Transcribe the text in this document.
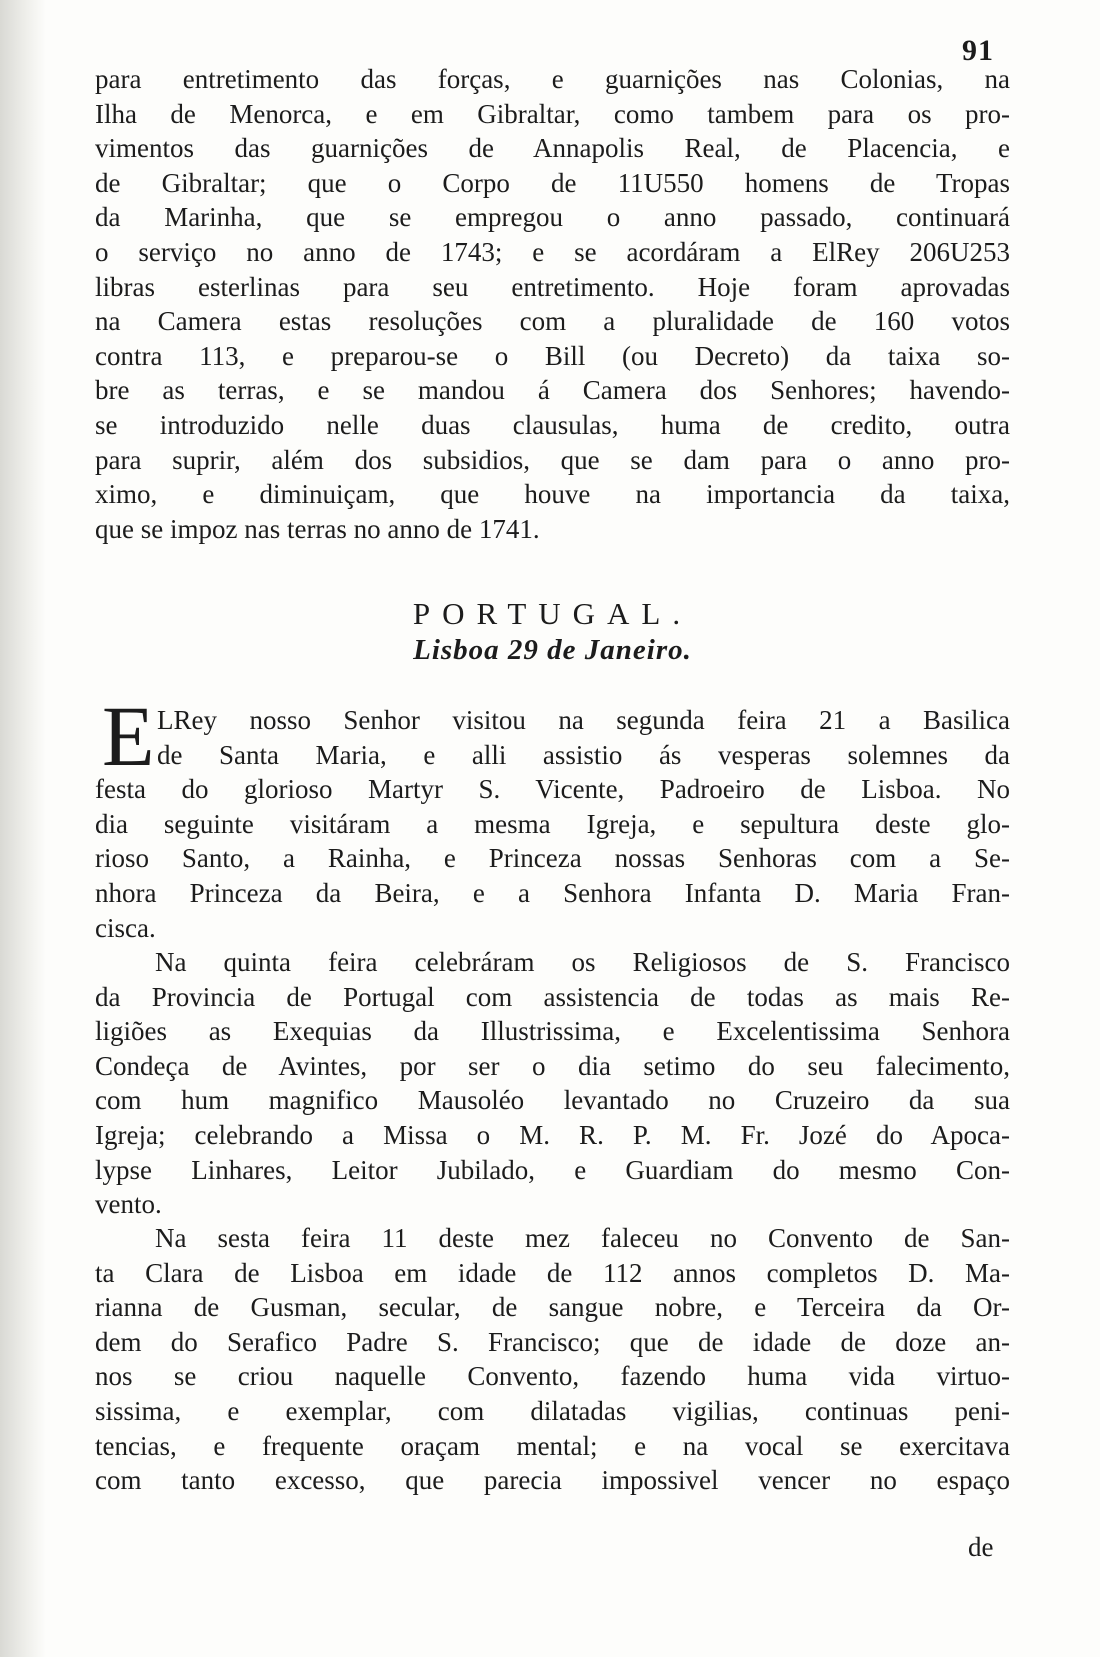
91
para entretimento das forças, e guarnições nas Colonias, na
Ilha de Menorca, e em Gibraltar, como tambem para os pro-
vimentos das guarnições de Annapolis Real, de Placencia, e
de Gibraltar; que o Corpo de 11U550 homens de Tropas
da Marinha, que se empregou o anno passado, continuará
o serviço no anno de 1743; e se acordáram a ElRey 206U253
libras esterlinas para seu entretimento. Hoje foram aprovadas
na Camera estas resoluções com a pluralidade de 160 votos
contra 113, e preparou-se o Bill (ou Decreto) da taixa so-
bre as terras, e se mandou á Camera dos Senhores; havendo-
se introduzido nelle duas clausulas, huma de credito, outra
para suprir, além dos subsidios, que se dam para o anno pro-
ximo, e diminuiçam, que houve na importancia da taixa,
que se impoz nas terras no anno de 1741.
PORTUGAL.
Lisboa 29 de Janeiro.
E LRey nosso Senhor visitou na segunda feira 21 a Basilica
de Santa Maria, e alli assistio ás vesperas solemnes da
festa do glorioso Martyr S. Vicente, Padroeiro de Lisboa. No
dia seguinte visitáram a mesma Igreja, e sepultura deste glo-
rioso Santo, a Rainha, e Princeza nossas Senhoras com a Se-
nhora Princeza da Beira, e a Senhora Infanta D. Maria Fran-
cisca.
Na quinta feira celebráram os Religiosos de S. Francisco
da Provincia de Portugal com assistencia de todas as mais Re-
ligiões as Exequias da Illustrissima, e Excelentissima Senhora
Condeça de Avintes, por ser o dia setimo do seu falecimento,
com hum magnifico Mausoléo levantado no Cruzeiro da sua
Igreja; celebrando a Missa o M. R. P. M. Fr. Jozé do Apoca-
lypse Linhares, Leitor Jubilado, e Guardiam do mesmo Con-
vento.
Na sesta feira 11 deste mez faleceu no Convento de San-
ta Clara de Lisboa em idade de 112 annos completos D. Ma-
rianna de Gusman, secular, de sangue nobre, e Terceira da Or-
dem do Serafico Padre S. Francisco; que de idade de doze an-
nos se criou naquelle Convento, fazendo huma vida virtuo-
sissima, e exemplar, com dilatadas vigilias, continuas peni-
tencias, e frequente oraçam mental; e na vocal se exercitava
com tanto excesso, que parecia impossivel vencer no espaço
de
